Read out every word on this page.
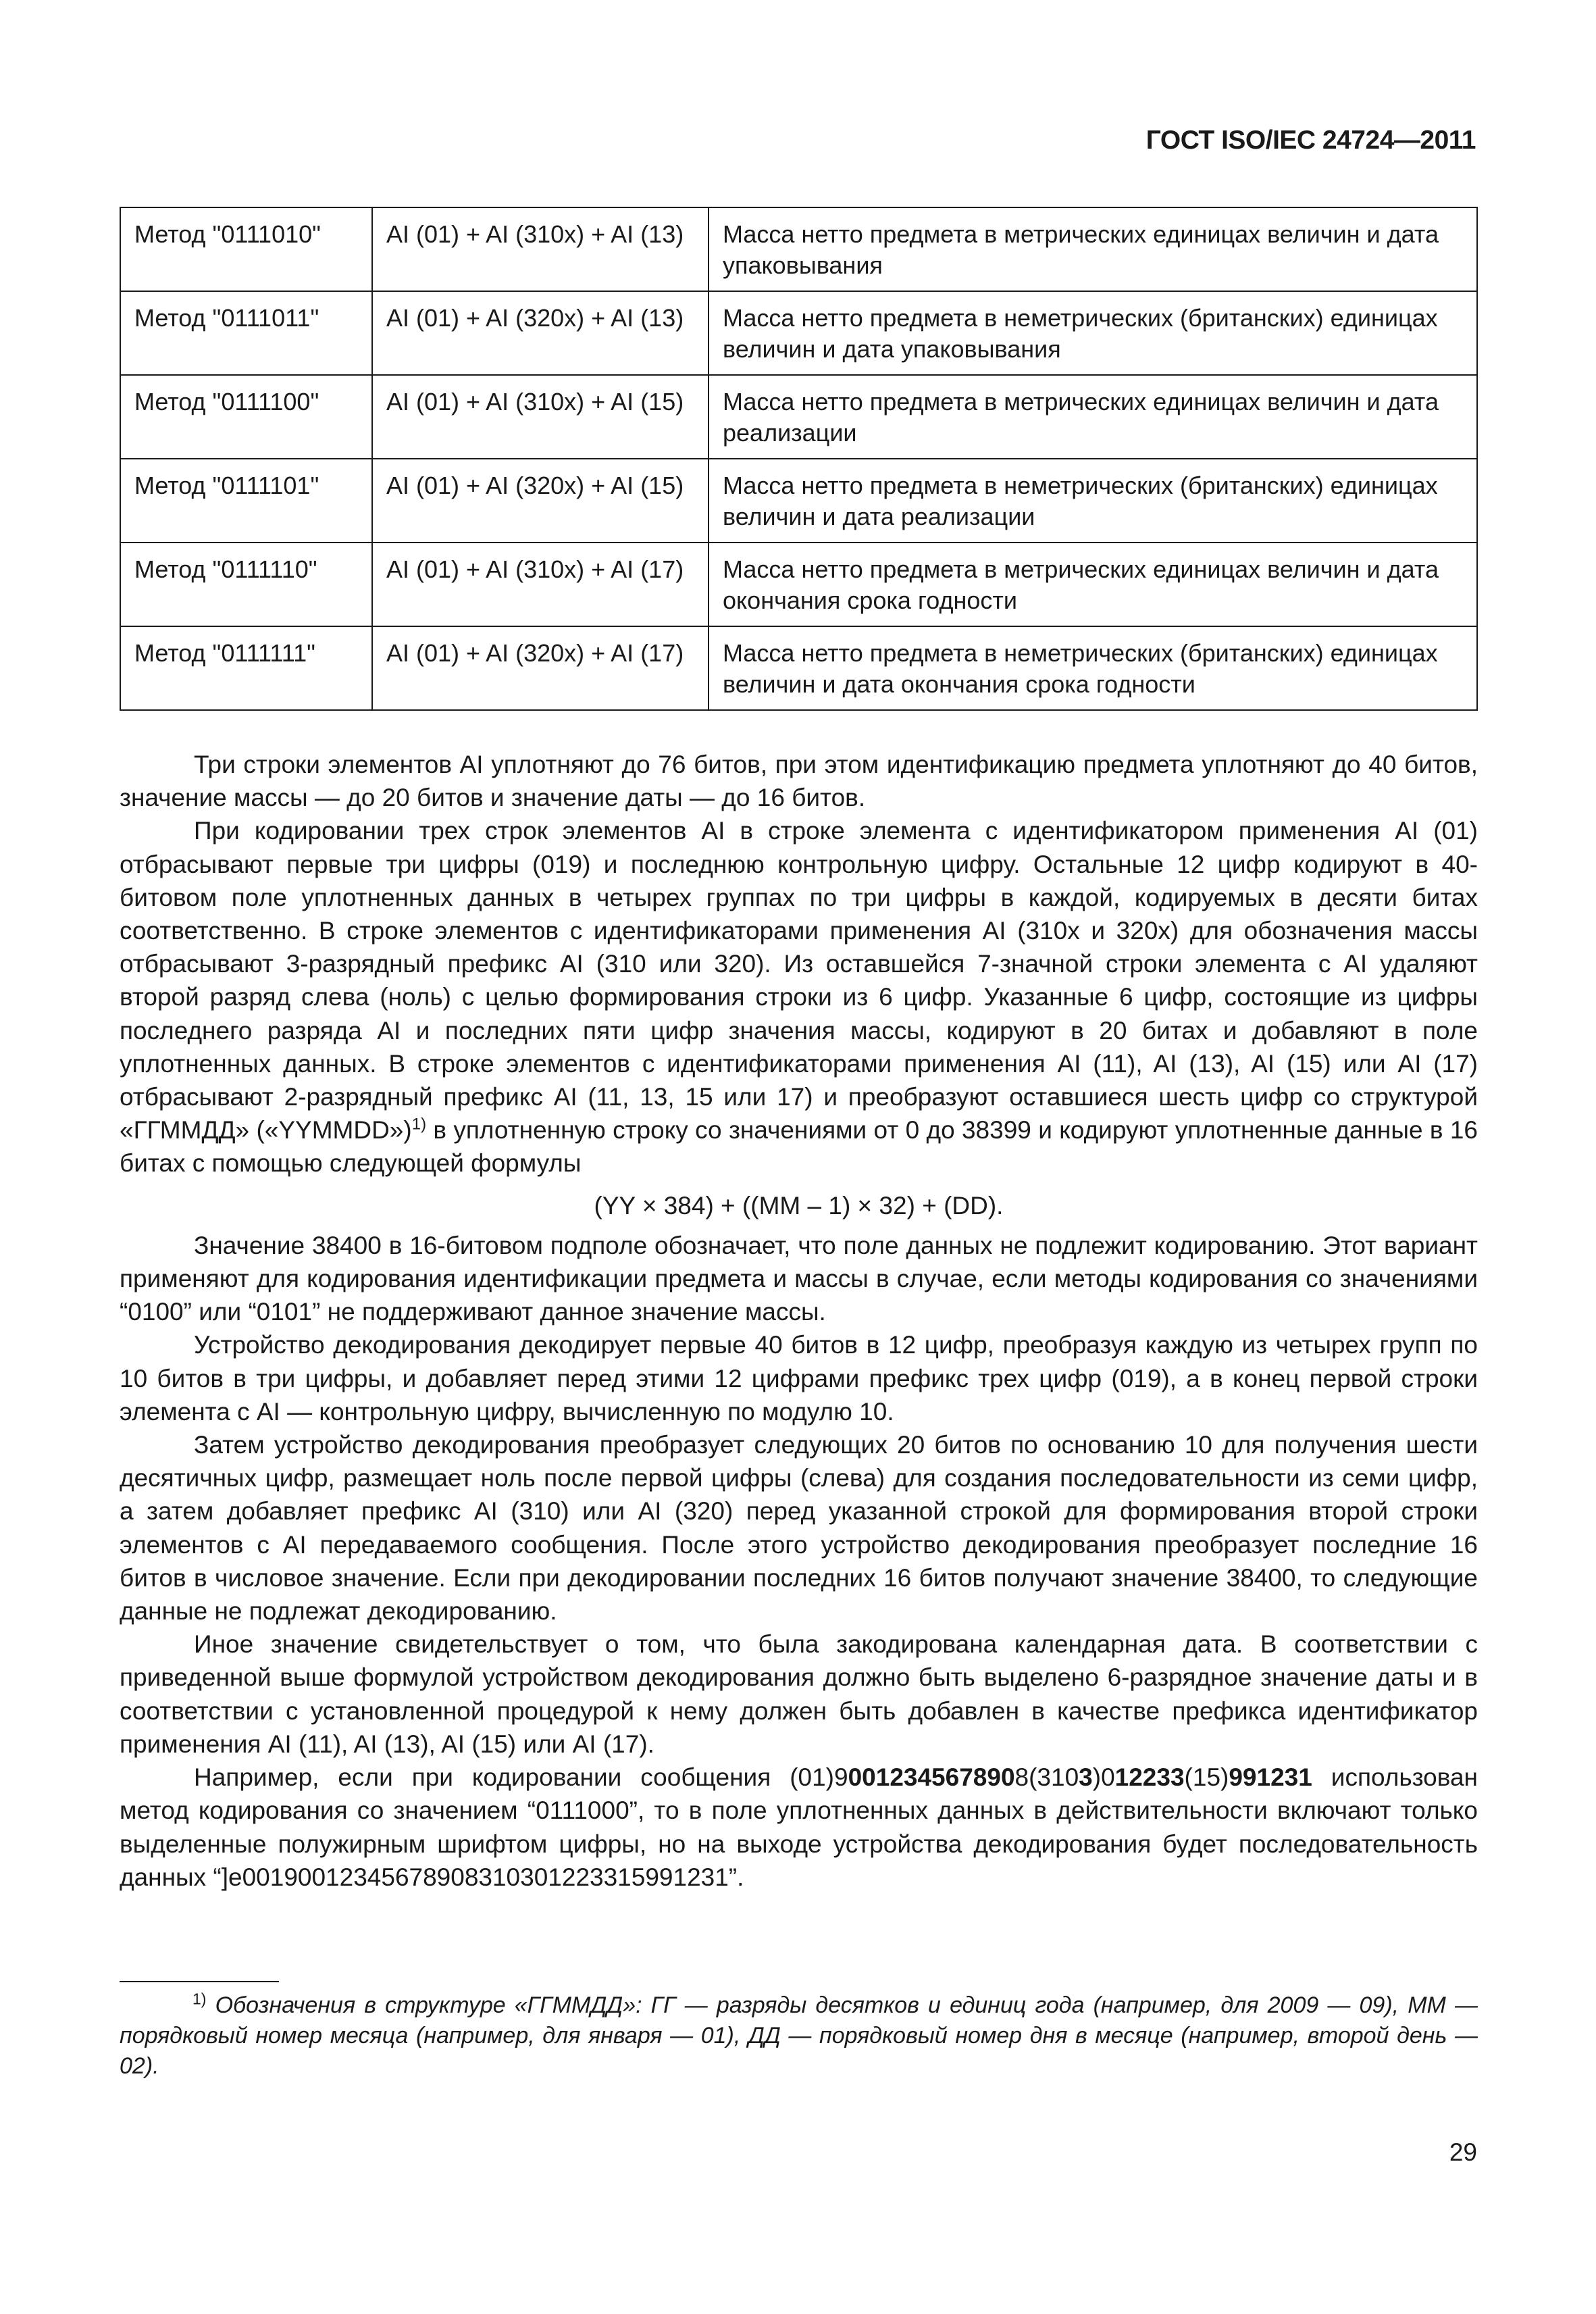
ГОСТ ISO/IEC 24724—2011
Метод "0111010"	AI (01) + AI (310x) + AI (13)	Масса нетто предмета в метрических единицах величин и дата упаковывания
Метод "0111011"	AI (01) + AI (320x) + AI (13)	Масса нетто предмета в неметрических (британских) единицах величин и дата упаковывания
Метод "0111100"	AI (01) + AI (310x) + AI (15)	Масса нетто предмета в метрических единицах величин и дата реализации
Метод "0111101"	AI (01) + AI (320x) + AI (15)	Масса нетто предмета в неметрических (британских) единицах величин и дата реализации
Метод "0111110"	AI (01) + AI (310x) + AI (17)	Масса нетто предмета в метрических единицах величин и дата окончания срока годности
Метод "0111111"	AI (01) + AI (320x) + AI (17)	Масса нетто предмета в неметрических (британских) единицах величин и дата окончания срока годности

Три строки элементов AI уплотняют до 76 битов, при этом идентификацию предмета уплотняют до 40 битов, значение массы — до 20 битов и значение даты — до 16 битов.

При кодировании трех строк элементов AI в строке элемента с идентификатором применения AI (01) отбрасывают первые три цифры (019) и последнюю контрольную цифру. Остальные 12 цифр кодируют в 40-битовом поле уплотненных данных в четырех группах по три цифры в каждой, кодируемых в десяти битах соответственно. В строке элементов с идентификаторами применения AI (310x и 320x) для обозначения массы отбрасывают 3-разрядный префикс AI (310 или 320). Из оставшейся 7-значной строки элемента с AI удаляют второй разряд слева (ноль) с целью формирования строки из 6 цифр. Указанные 6 цифр, состоящие из цифры последнего разряда AI и последних пяти цифр значения массы, кодируют в 20 битах и добавляют в поле уплотненных данных. В строке элементов с идентификаторами применения AI (11), AI (13), AI (15) или AI (17) отбрасывают 2-разрядный префикс AI (11, 13, 15 или 17) и преобразуют оставшиеся шесть цифр со структурой «ГГММДД» («YYMMDD»)$^{1)}$ в уплотненную строку со значениями от 0 до 38399 и кодируют уплотненные данные в 16 битах с помощью следующей формулы

(YY × 384) + ((MM – 1) × 32) + (DD).

Значение 38400 в 16-битовом подполе обозначает, что поле данных не подлежит кодированию. Этот вариант применяют для кодирования идентификации предмета и массы в случае, если методы кодирования со значениями “0100” или “0101” не поддерживают данное значение массы.

Устройство декодирования декодирует первые 40 битов в 12 цифр, преобразуя каждую из четырех групп по 10 битов в три цифры, и добавляет перед этими 12 цифрами префикс трех цифр (019), а в конец первой строки элемента с AI — контрольную цифру, вычисленную по модулю 10.

Затем устройство декодирования преобразует следующих 20 битов по основанию 10 для получения шести десятичных цифр, размещает ноль после первой цифры (слева) для создания последовательности из семи цифр, а затем добавляет префикс AI (310) или AI (320) перед указанной строкой для формирования второй строки элементов с AI передаваемого сообщения. После этого устройство декодирования преобразует последние 16 битов в числовое значение. Если при декодировании последних 16 битов получают значение 38400, то следующие данные не подлежат декодированию.

Иное значение свидетельствует о том, что была закодирована календарная дата. В соответствии с приведенной выше формулой устройством декодирования должно быть выделено 6-разрядное значение даты и в соответствии с установленной процедурой к нему должен быть добавлен в качестве префикса идентификатор применения AI (11), AI (13), AI (15) или AI (17).

Например, если при кодировании сообщения (01)90012345678908(3103)012233(15)991231 использован метод кодирования со значением “0111000”, то в поле уплотненных данных в действительности включают только выделенные полужирным шрифтом цифры, но на выходе устройства декодирования будет последовательность данных “]e00190012345678908310301223315991231”.

$^{1)}$ Обозначения в структуре «ГГММДД»: ГГ — разряды десятков и единиц года (например, для 2009 — 09), ММ — порядковый номер месяца (например, для января — 01), ДД — порядковый номер дня в месяце (например, второй день — 02).
29
